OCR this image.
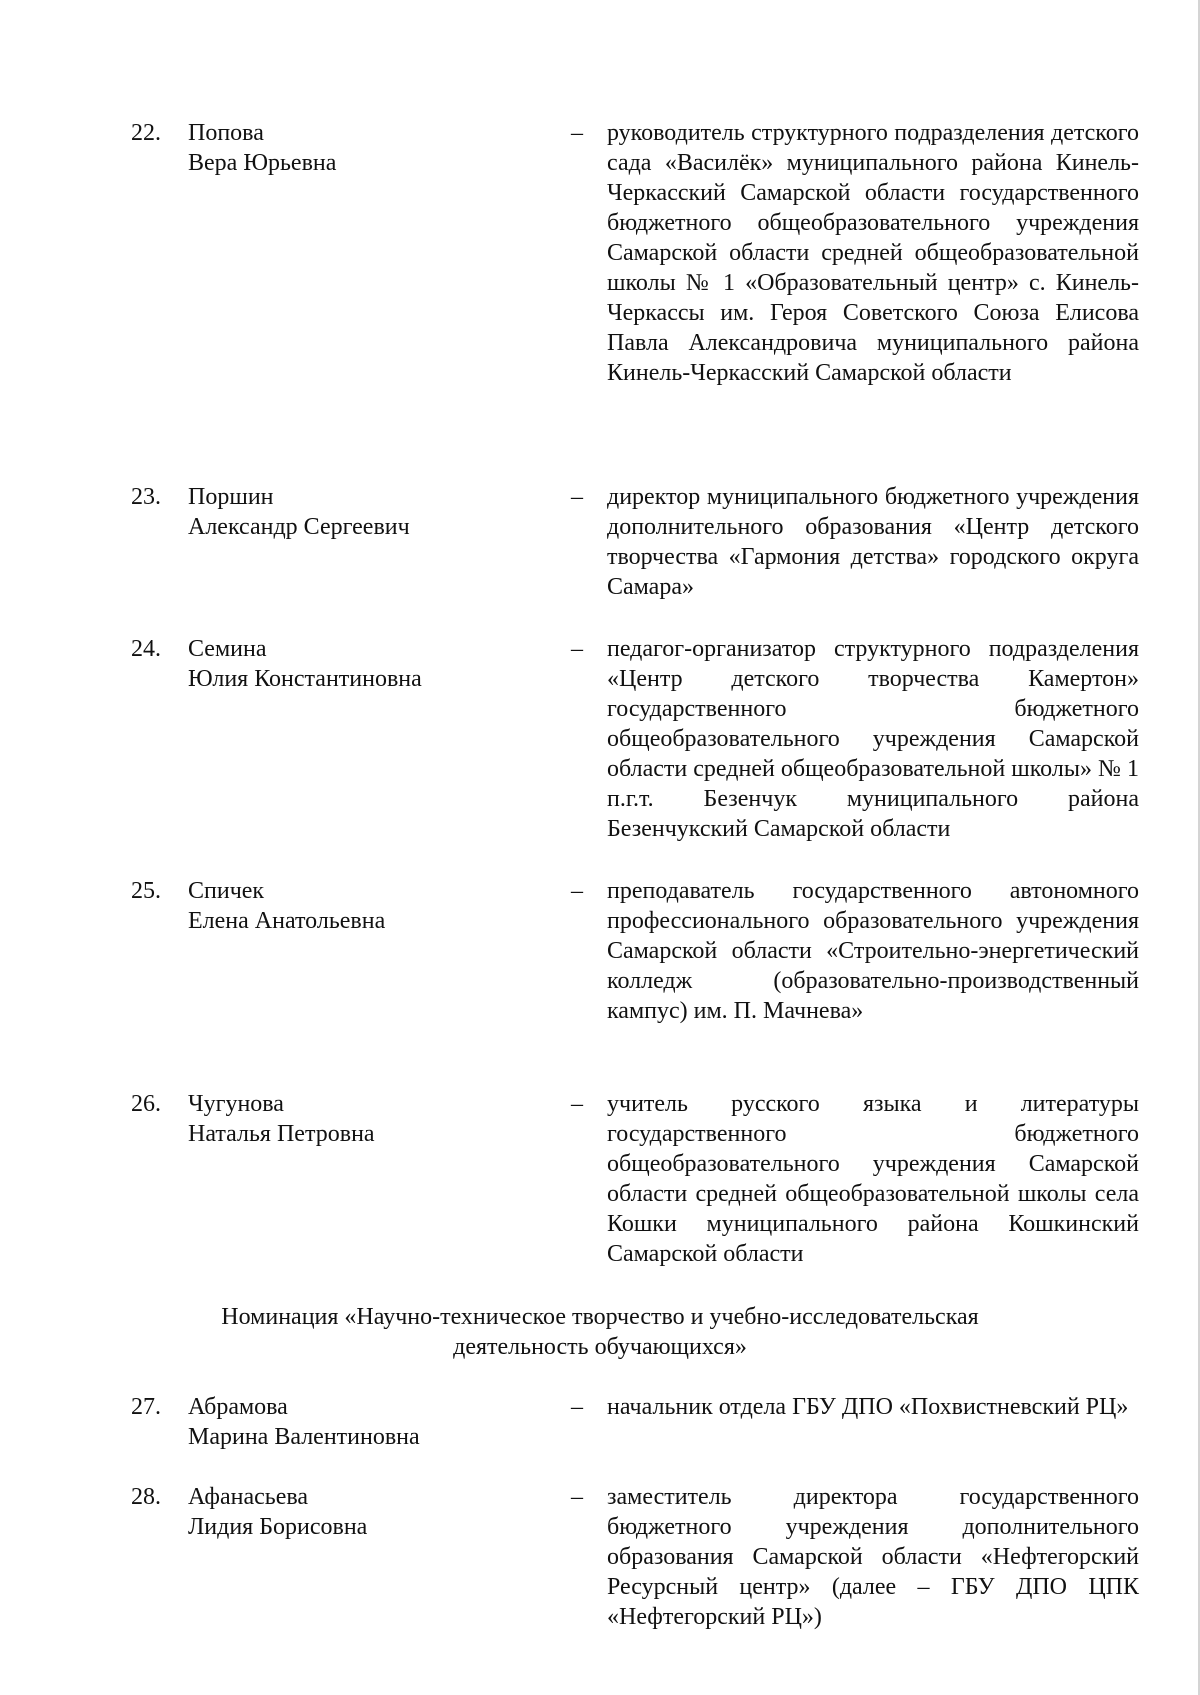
22. Попова
Вера Юрьевна
– руководитель структурного подразделения детского сада «Василёк» муниципального района Кинель-Черкасский Самарской области государственного бюджетного общеобразовательного учреждения Самарской области средней общеобразовательной школы № 1 «Образовательный центр» с. Кинель-Черкассы им. Героя Советского Союза Елисова Павла Александровича муниципального района Кинель-Черкасский Самарской области
23. Поршин
Александр Сергеевич
– директор муниципального бюджетного учреждения дополнительного образования «Центр детского творчества «Гармония детства» городского округа Самара»
24. Семина
Юлия Константиновна
– педагог-организатор структурного подразделения «Центр детского творчества Камертон» государственного бюджетного общеобразовательного учреждения Самарской области средней общеобразовательной школы» № 1 п.г.т. Безенчук муниципального района Безенчукский Самарской области
25. Спичек
Елена Анатольевна
– преподаватель государственного автономного профессионального образовательного учреждения Самарской области «Строительно-энергетический колледж (образовательно-производственный кампус) им. П. Мачнева»
26. Чугунова
Наталья Петровна
– учитель русского языка и литературы государственного бюджетного общеобразовательного учреждения Самарской области средней общеобразовательной школы села Кошки муниципального района Кошкинский Самарской области
Номинация «Научно-техническое творчество и учебно-исследовательская
деятельность обучающихся»
27. Абрамова
Марина Валентиновна
– начальник отдела ГБУ ДПО «Похвистневский РЦ»
28. Афанасьева
Лидия Борисовна
– заместитель директора государственного бюджетного учреждения дополнительного образования Самарской области «Нефтегорский Ресурсный центр» (далее – ГБУ ДПО ЦПК «Нефтегорский РЦ»)
